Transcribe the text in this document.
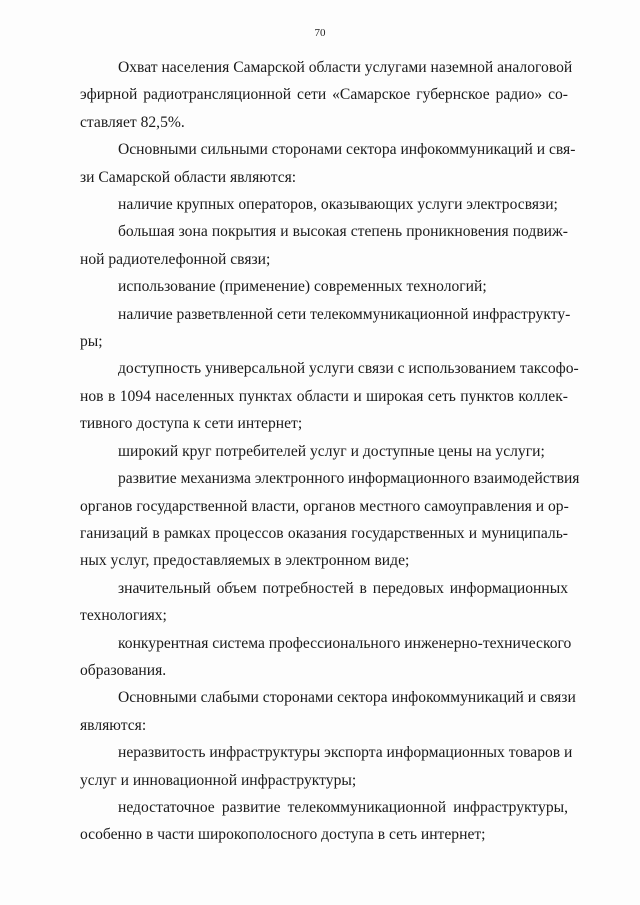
70
Охват населения Самарской области услугами наземной аналоговой
эфирной радиотрансляционной сети «Самарское губернское радио» со-
ставляет 82,5%.
Основными сильными сторонами сектора инфокоммуникаций и свя-
зи Самарской области являются:
наличие крупных операторов, оказывающих услуги электросвязи;
большая зона покрытия и высокая степень проникновения подвиж-
ной радиотелефонной связи;
использование (применение) современных технологий;
наличие разветвленной сети телекоммуникационной инфраструкту-
ры;
доступность универсальной услуги связи с использованием таксофо-
нов в 1094 населенных пунктах области и широкая сеть пунктов коллек-
тивного доступа к сети интернет;
широкий круг потребителей услуг и доступные цены на услуги;
развитие механизма электронного информационного взаимодействия
органов государственной власти, органов местного самоуправления и ор-
ганизаций в рамках процессов оказания государственных и муниципаль-
ных услуг, предоставляемых в электронном виде;
значительный объем потребностей в передовых информационных
технологиях;
конкурентная система профессионального инженерно-технического
образования.
Основными слабыми сторонами сектора инфокоммуникаций и связи
являются:
неразвитость инфраструктуры экспорта информационных товаров и
услуг и инновационной инфраструктуры;
недостаточное развитие телекоммуникационной инфраструктуры,
особенно в части широкополосного доступа в сеть интернет;
